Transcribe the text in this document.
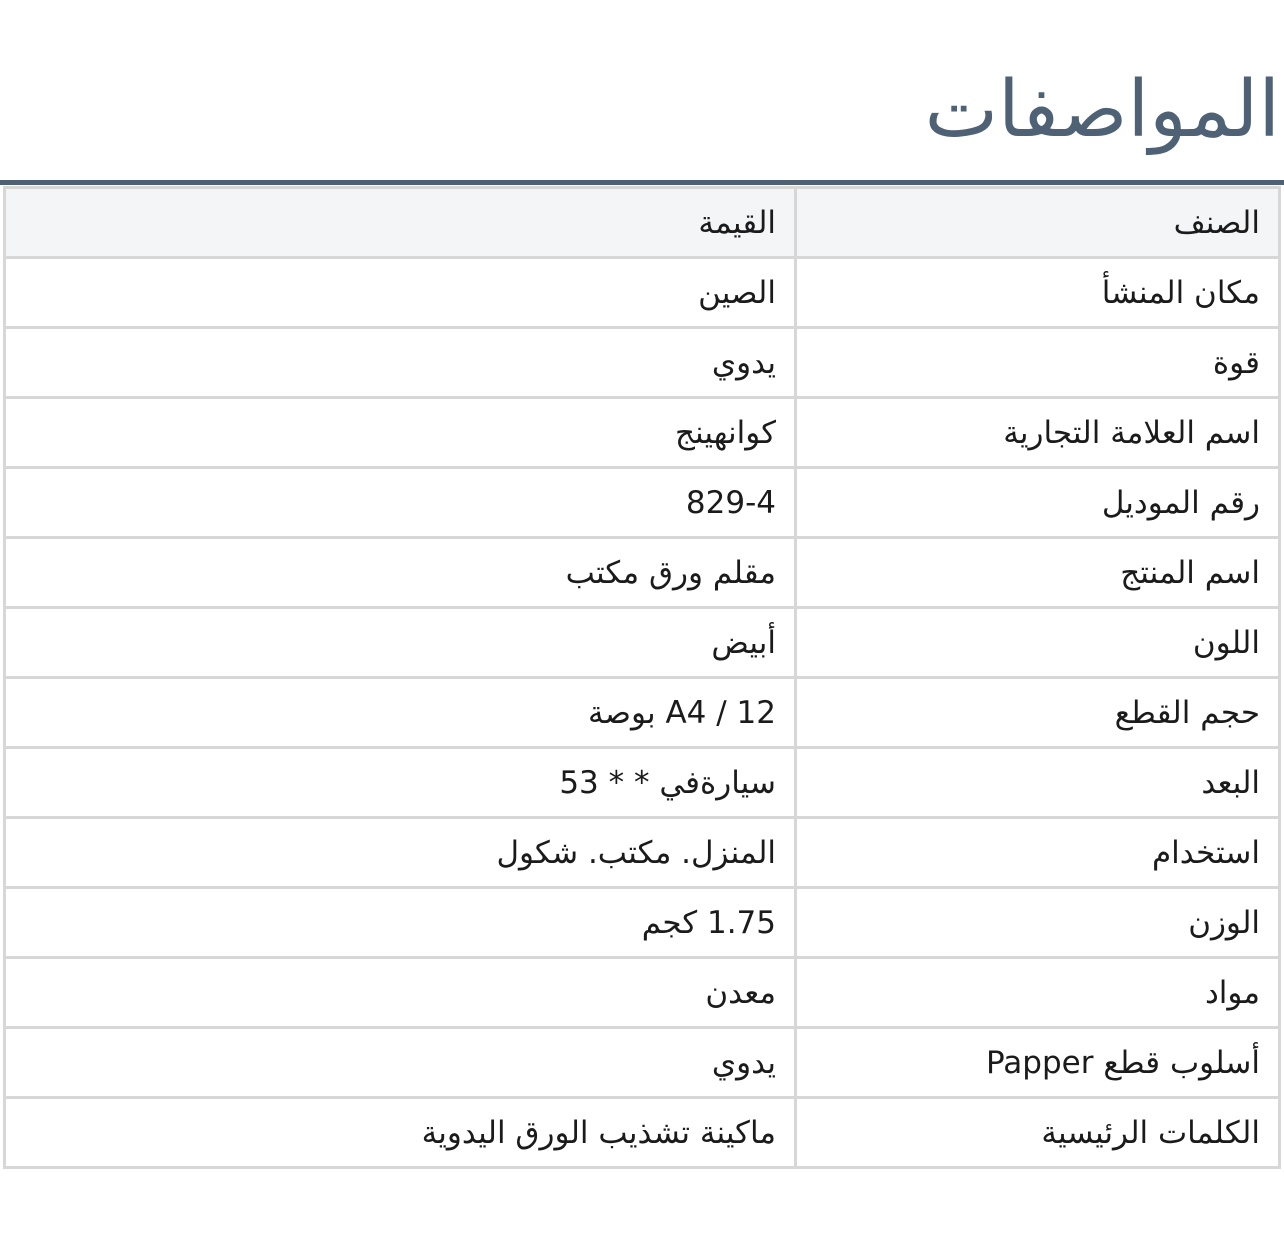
المواصفات
الصنف	القيمة
مكان المنشأ	الصين
قوة	يدوي
اسم العلامة التجارية	كوانهينج
رقم الموديل	829-4
اسم المنتج	مقلم ورق مكتب
اللون	أبيض
حجم القطع	A4 / 12 بوصة
البعد	سيارةفي * * 53
استخدام	المنزل. مكتب. شكول
الوزن	1.75 كجم
مواد	معدن
أسلوب قطع Papper	يدوي
الكلمات الرئيسية	ماكينة تشذيب الورق اليدوية
